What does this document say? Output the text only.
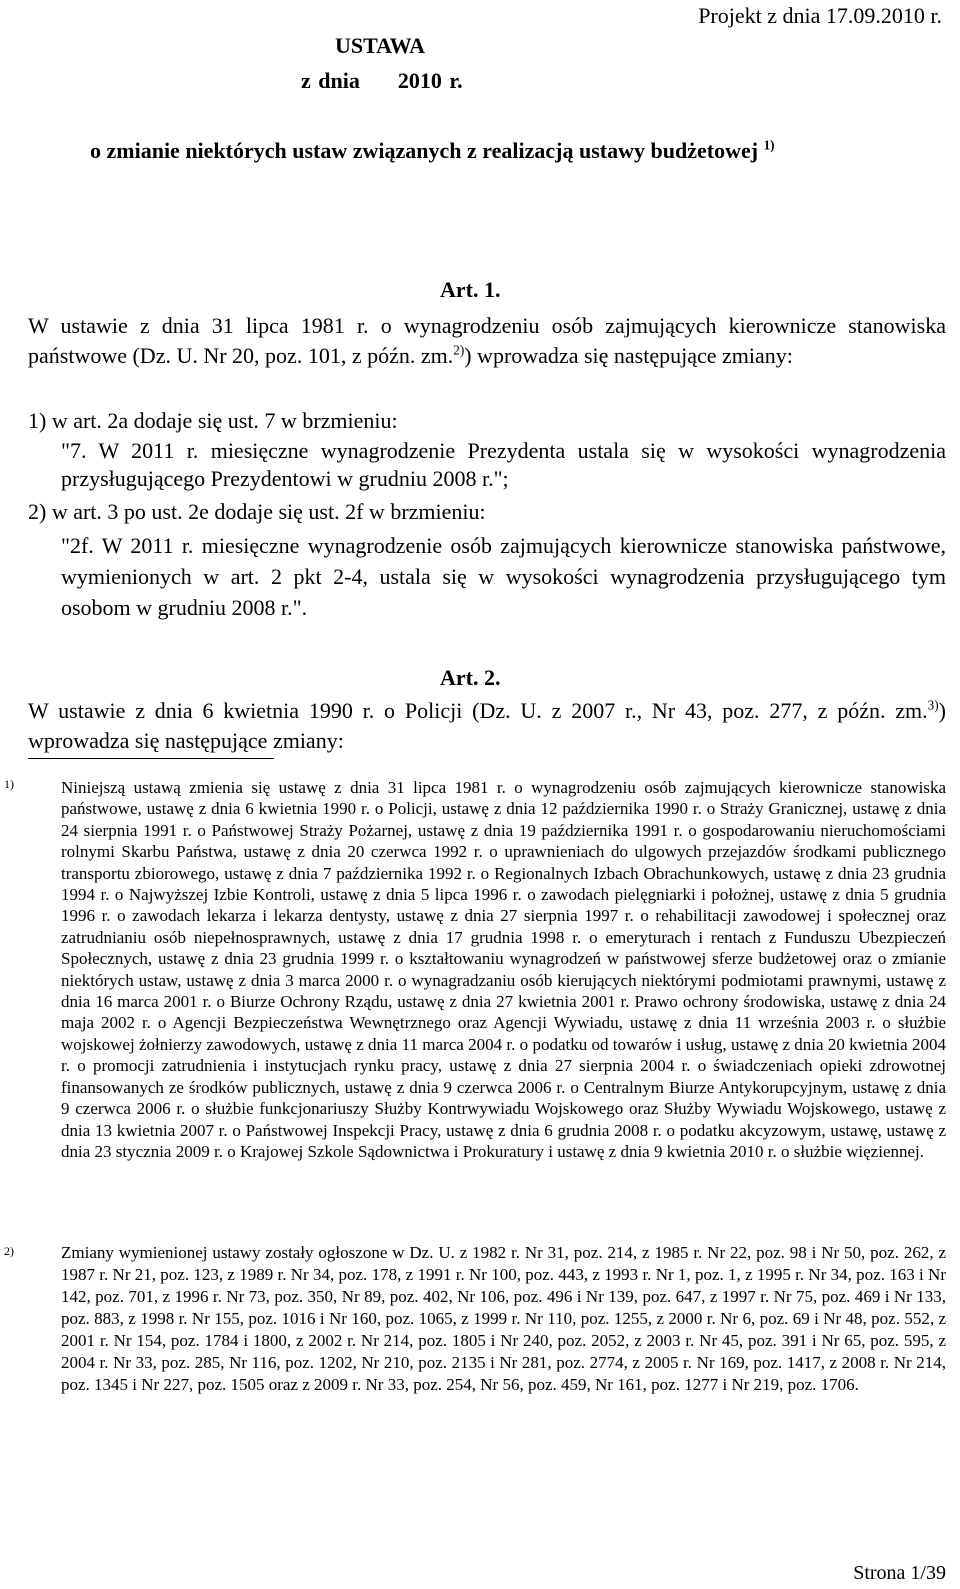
Projekt z dnia 17.09.2010 r.

USTAWA

z dnia 2010 r.

o zmianie niektórych ustaw związanych z realizacją ustawy budżetowej $^{1)}$

Art. 1.

W ustawie z dnia 31 lipca 1981 r. o wynagrodzeniu osób zajmujących kierownicze stanowiska państwowe (Dz. U. Nr 20, poz. 101, z późn. zm.$^{2)}$) wprowadza się następujące zmiany:
1) w art. 2a dodaje się ust. 7 w brzmieniu:
"7. W 2011 r. miesięczne wynagrodzenie Prezydenta ustala się w wysokości wynagrodzenia przysługującego Prezydentowi w grudniu 2008 r.";
2) w art. 3 po ust. 2e dodaje się ust. 2f w brzmieniu:
"2f. W 2011 r. miesięczne wynagrodzenie osób zajmujących kierownicze stanowiska państwowe, wymienionych w art. 2 pkt 2-4, ustala się w wysokości wynagrodzenia przysługującego tym osobom w grudniu 2008 r.".

Art. 2.

W ustawie z dnia 6 kwietnia 1990 r. o Policji (Dz. U. z 2007 r., Nr 43, poz. 277, z późn. zm.$^{3)}$) wprowadza się następujące zmiany:
1)	Niniejszą ustawą zmienia się ustawę z dnia 31 lipca 1981 r. o wynagrodzeniu osób zajmujących kierownicze stanowiska państwowe, ustawę z dnia 6 kwietnia 1990 r. o Policji, ustawę z dnia 12 października 1990 r. o Straży Granicznej, ustawę z dnia 24 sierpnia 1991 r. o Państwowej Straży Pożarnej, ustawę z dnia 19 października 1991 r. o gospodarowaniu nieruchomościami rolnymi Skarbu Państwa, ustawę z dnia 20 czerwca 1992 r. o uprawnieniach do ulgowych przejazdów środkami publicznego transportu zbiorowego, ustawę z dnia 7 października 1992 r. o Regionalnych Izbach Obrachunkowych, ustawę z dnia 23 grudnia 1994 r. o Najwyższej Izbie Kontroli, ustawę z dnia 5 lipca 1996 r. o zawodach pielęgniarki i położnej, ustawę z dnia 5 grudnia 1996 r. o zawodach lekarza i lekarza dentysty, ustawę z dnia 27 sierpnia 1997 r. o rehabilitacji zawodowej i społecznej oraz zatrudnianiu osób niepełnosprawnych, ustawę z dnia 17 grudnia 1998 r. o emeryturach i rentach z Funduszu Ubezpieczeń Społecznych, ustawę z dnia 23 grudnia 1999 r. o kształtowaniu wynagrodzeń w państwowej sferze budżetowej oraz o zmianie niektórych ustaw, ustawę z dnia 3 marca 2000 r. o wynagradzaniu osób kierujących niektórymi podmiotami prawnymi, ustawę z dnia 16 marca 2001 r. o Biurze Ochrony Rządu, ustawę z dnia 27 kwietnia 2001 r. Prawo ochrony środowiska, ustawę z dnia 24 maja 2002 r. o Agencji Bezpieczeństwa Wewnętrznego oraz Agencji Wywiadu, ustawę z dnia 11 września 2003 r. o służbie wojskowej żołnierzy zawodowych, ustawę z dnia 11 marca 2004 r. o podatku od towarów i usług, ustawę z dnia 20 kwietnia 2004 r. o promocji zatrudnienia i instytucjach rynku pracy, ustawę z dnia 27 sierpnia 2004 r. o świadczeniach opieki zdrowotnej finansowanych ze środków publicznych, ustawę z dnia 9 czerwca 2006 r. o Centralnym Biurze Antykorupcyjnym, ustawę z dnia 9 czerwca 2006 r. o służbie funkcjonariuszy Służby Kontrwywiadu Wojskowego oraz Służby Wywiadu Wojskowego, ustawę z dnia 13 kwietnia 2007 r. o Państwowej Inspekcji Pracy, ustawę z dnia 6 grudnia 2008 r. o podatku akcyzowym, ustawę, ustawę z dnia 23 stycznia 2009 r. o Krajowej Szkole Sądownictwa i Prokuratury i ustawę z dnia 9 kwietnia 2010 r. o służbie więziennej.
2)	Zmiany wymienionej ustawy zostały ogłoszone w Dz. U. z 1982 r. Nr 31, poz. 214, z 1985 r. Nr 22, poz. 98 i Nr 50, poz. 262, z 1987 r. Nr 21, poz. 123, z 1989 r. Nr 34, poz. 178, z 1991 r. Nr 100, poz. 443, z 1993 r. Nr 1, poz. 1, z 1995 r. Nr 34, poz. 163 i Nr 142, poz. 701, z 1996 r. Nr 73, poz. 350, Nr 89, poz. 402, Nr 106, poz. 496 i Nr 139, poz. 647, z 1997 r. Nr 75, poz. 469 i Nr 133, poz. 883, z 1998 r. Nr 155, poz. 1016 i Nr 160, poz. 1065, z 1999 r. Nr 110, poz. 1255, z 2000 r. Nr 6, poz. 69 i Nr 48, poz. 552, z 2001 r. Nr 154, poz. 1784 i 1800, z 2002 r. Nr 214, poz. 1805 i Nr 240, poz. 2052, z 2003 r. Nr 45, poz. 391 i Nr 65, poz. 595, z 2004 r. Nr 33, poz. 285, Nr 116, poz. 1202, Nr 210, poz. 2135 i Nr 281, poz. 2774, z 2005 r. Nr 169, poz. 1417, z 2008 r. Nr 214, poz. 1345 i Nr 227, poz. 1505 oraz z 2009 r. Nr 33, poz. 254, Nr 56, poz. 459, Nr 161, poz. 1277 i Nr 219, poz. 1706.

Strona 1/39
